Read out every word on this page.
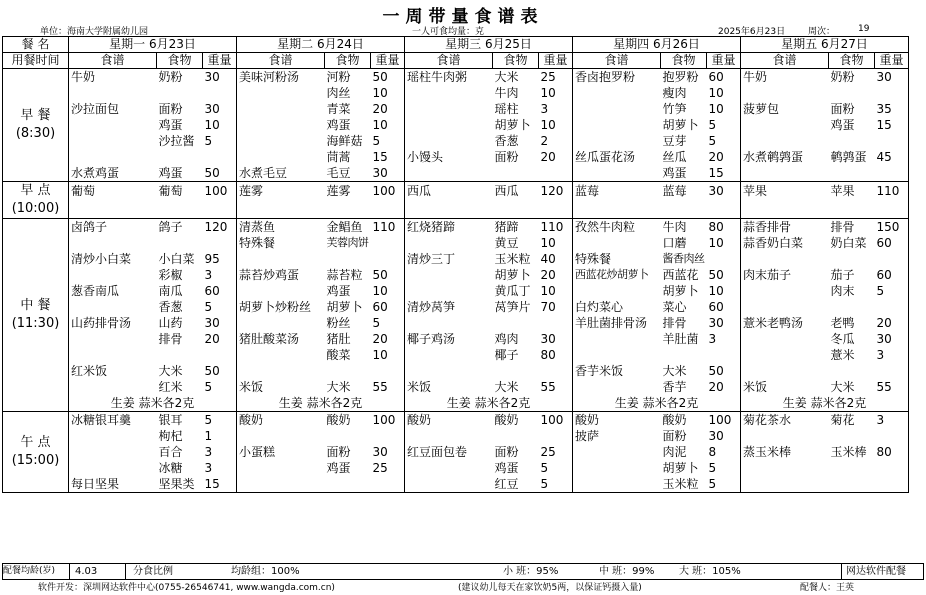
一周带量食谱表
单位：海南大学附属幼儿园	一人可食均量：克	2025年6月23日	周次：	19
餐 名	星期一 6月23日			星期二 6月24日			星期三 6月25日			星期四 6月26日			星期五 6月27日		
用餐时间	食谱	食物	重量	食谱	食物	重量	食谱	食物	重量	食谱	食物	重量	食谱	食物	重量

早 餐
(8:30)	牛奶	奶粉	30	美味河粉汤	河粉	50	瑶柱牛肉粥	大米	25	香卤抱罗粉	抱罗粉	60	牛奶	奶粉	30
					肉丝	10		牛肉	10		瘦肉	10			
	沙拉面包	面粉	30		青菜	20		瑶柱	3		竹笋	10	菠萝包	面粉	35
		鸡蛋	10		鸡蛋	10		胡萝卜	10		胡萝卜	5		鸡蛋	15
		沙拉酱	5		海鲜菇	5		香葱	2		豆芽	5			
					茼蒿	15	小馒头	面粉	20	丝瓜蛋花汤	丝瓜	20	水煮鹌鹑蛋	鹌鹑蛋	45
	水煮鸡蛋	鸡蛋	50	水煮毛豆	毛豆	30					鸡蛋	15			

早 点
(10:00)	葡萄	葡萄	100	莲雾	莲雾	100	西瓜	西瓜	120	蓝莓	蓝莓	30	苹果	苹果	110

中 餐
(11:30)	卤鸽子	鸽子	120	清蒸鱼	金鲳鱼	110	红烧猪蹄	猪蹄	110	孜然牛肉粒	牛肉	80	蒜香排骨	排骨	150
				特殊餐	芙蓉肉饼			黄豆	10		口蘑	10	蒜香奶白菜	奶白菜	60
	清炒小白菜	小白菜	95				清炒三丁	玉米粒	40	特殊餐	酱香肉丝				
		彩椒	3	蒜苔炒鸡蛋	蒜苔粒	50		胡萝卜	20	西蓝花炒胡萝卜	西蓝花	50	肉末茄子	茄子	60
	葱香南瓜	南瓜	60		鸡蛋	10		黄瓜丁	10		胡萝卜	10		肉末	5
		香葱	5	胡萝卜炒粉丝	胡萝卜	60	清炒莴笋	莴笋片	70	白灼菜心	菜心	60			
	山药排骨汤	山药	30		粉丝	5				羊肚菌排骨汤	排骨	30	薏米老鸭汤	老鸭	20
		排骨	20	猪肚酸菜汤	猪肚	20	椰子鸡汤	鸡肉	30		羊肚菌	3		冬瓜	30
					酸菜	10		椰子	80					薏米	3
	红米饭	大米	50							香芋米饭	大米	50			
		红米	5	米饭	大米	55	米饭	大米	55		香芋	20	米饭	大米	55
	生姜 蒜米各2克			生姜 蒜米各2克			生姜 蒜米各2克			生姜 蒜米各2克			生姜 蒜米各2克		

午 点
(15:00)	冰糖银耳羹	银耳	5	酸奶	酸奶	100	酸奶	酸奶	100	酸奶	酸奶	100	菊花茶水	菊花	3
		枸杞	1							披萨	面粉	30			
		百合	3	小蛋糕	面粉	30	红豆面包卷	面粉	25		肉泥	8	蒸玉米棒	玉米棒	80
		冰糖	3		鸡蛋	25		鸡蛋	5		胡萝卜	5			
	每日坚果	坚果类	15					红豆	5		玉米粒	5			
配餐均龄(岁)	4.03	分食比例	均龄组：100%	小 班：95%	中 班：99%	大 班：105%	网达软件配餐
软件开发：深圳网达软件中心(0755-26546741, www.wangda.com.cn)	(建议幼儿每天在家饮奶5两，以保证钙摄入量)	配餐人：王英
